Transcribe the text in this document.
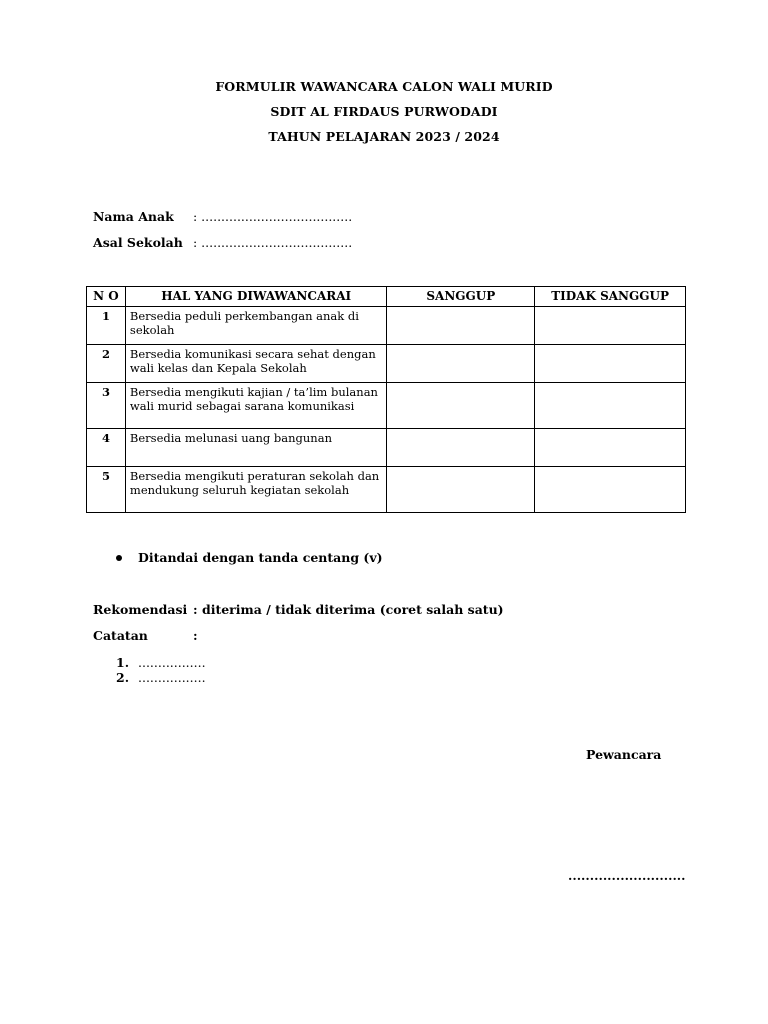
FORMULIR WAWANCARA CALON WALI MURID
SDIT AL FIRDAUS PURWODADI
TAHUN PELAJARAN 2023 / 2024
Nama Anak : ......................................
Asal Sekolah : ......................................
N O	HAL YANG DIWAWANCARAI	SANGGUP	TIDAK SANGGUP
1	Bersedia peduli perkembangan anak di sekolah		
2	Bersedia komunikasi secara sehat dengan wali kelas dan Kepala Sekolah		
3	Bersedia mengikuti kajian / ta’lim bulanan wali murid sebagai sarana komunikasi		
4	Bersedia melunasi uang bangunan		
5	Bersedia mengikuti peraturan sekolah dan mendukung seluruh kegiatan sekolah		
Ditandai dengan tanda centang (v)
Rekomendasi : diterima / tidak diterima (coret salah satu)
Catatan	:
1. .................
2. .................
Pewancara
...........................
